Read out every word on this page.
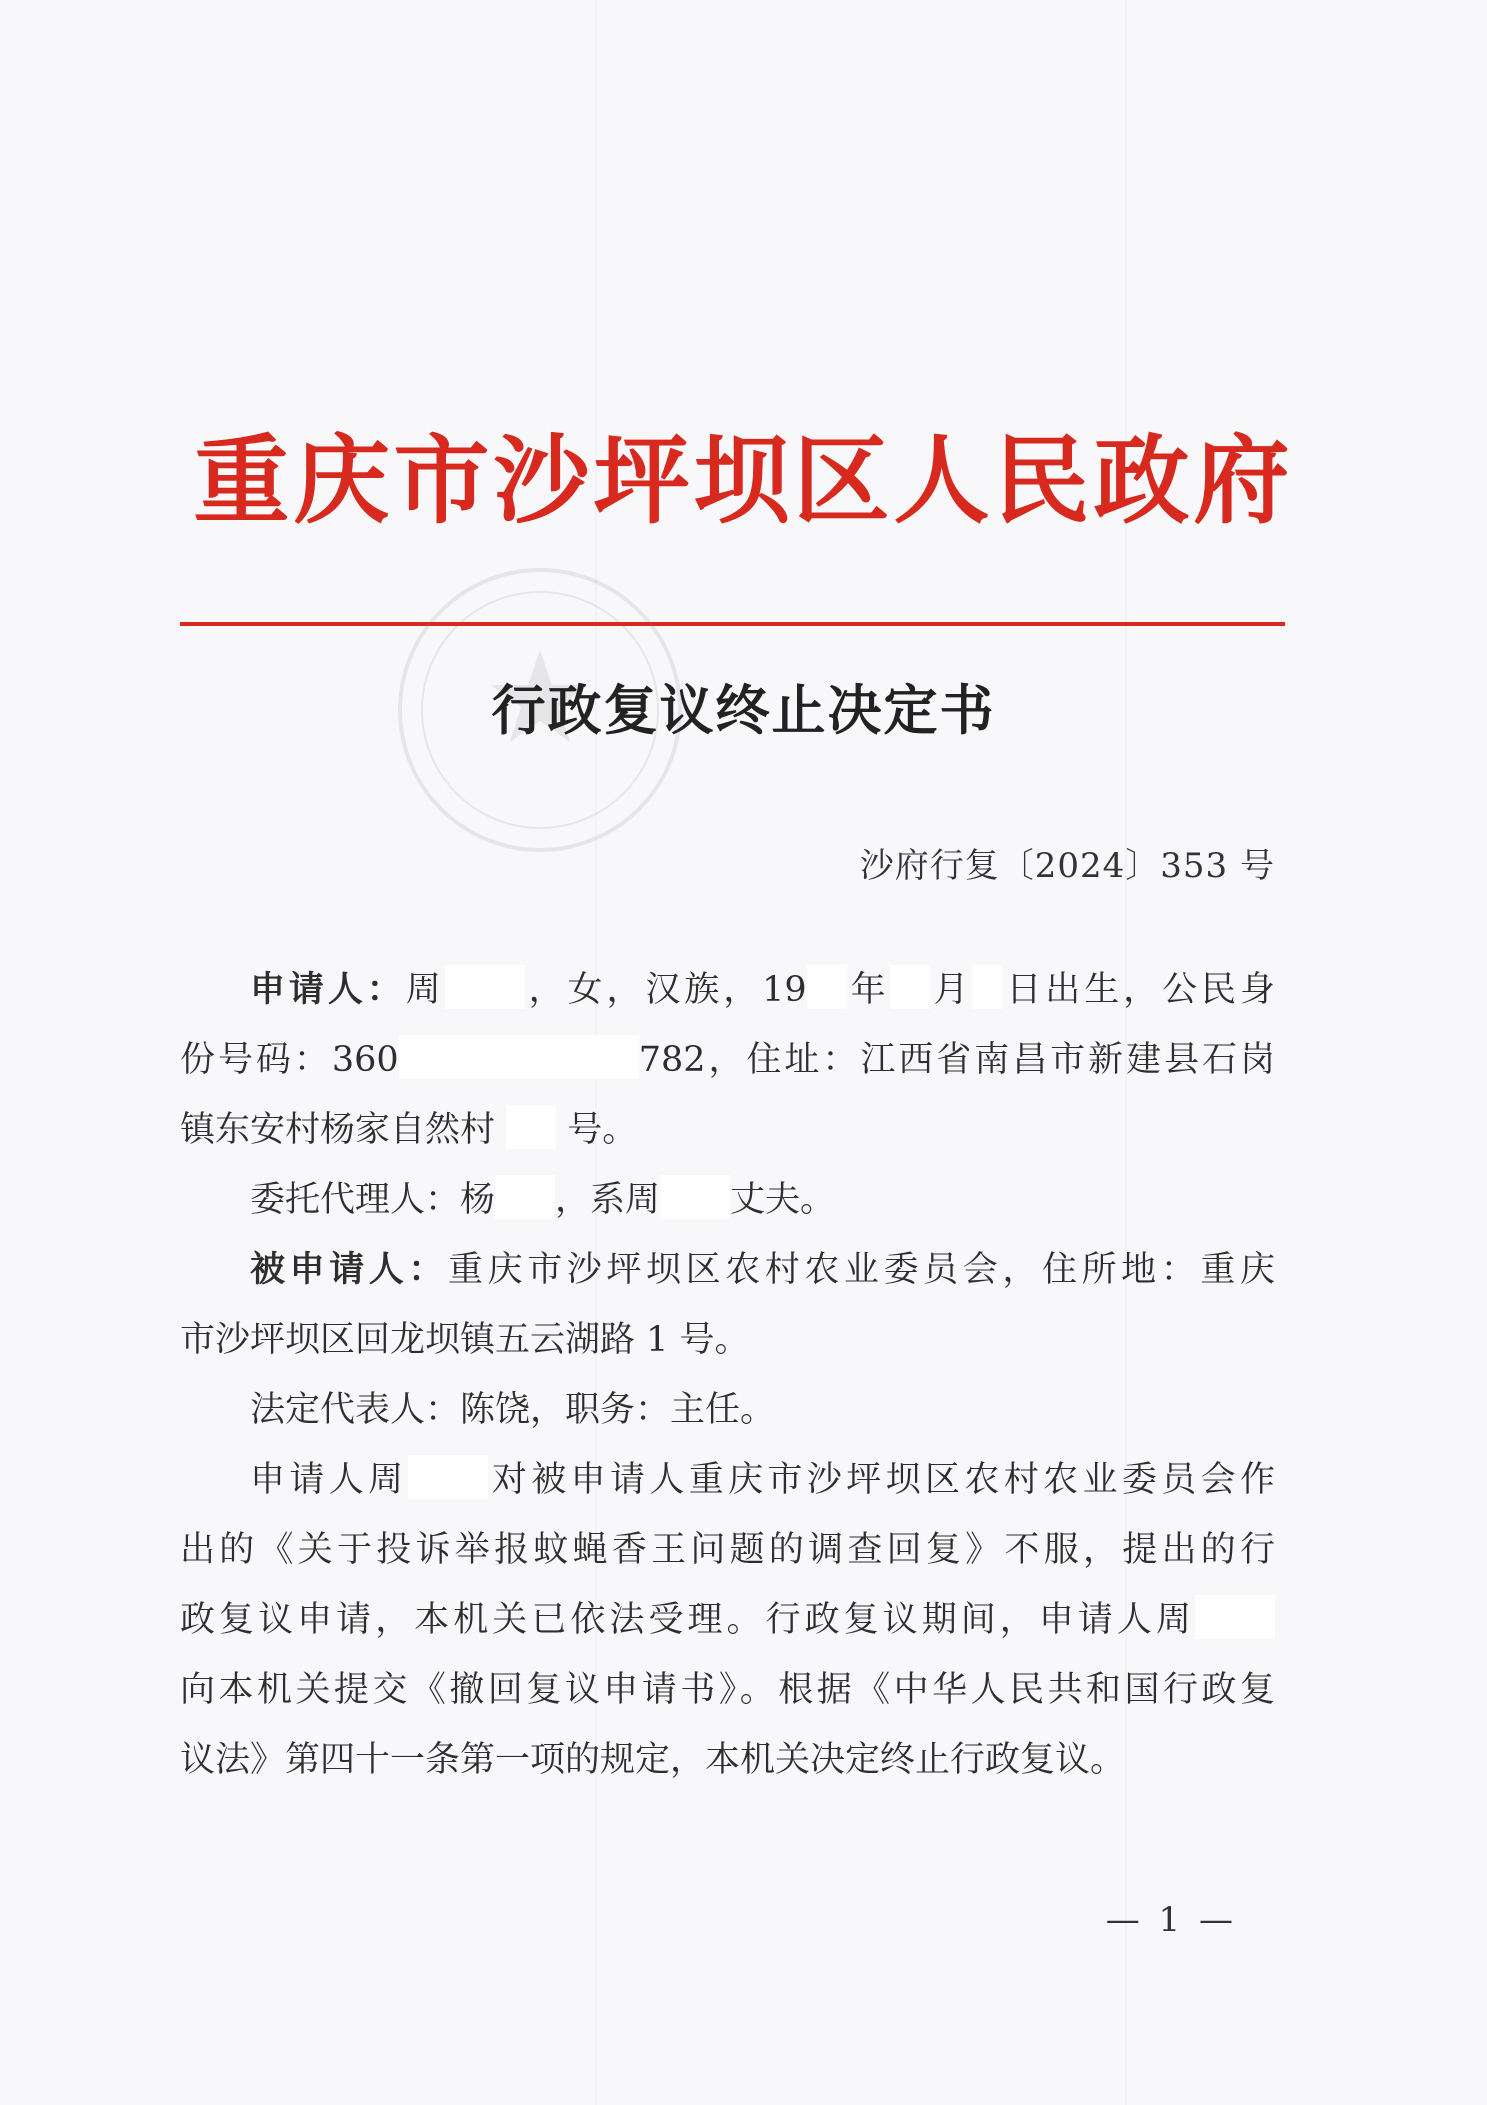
重庆市沙坪坝区人民政府
行政复议终止决定书
沙府行复〔2024〕353 号
申请人：周 ，女，汉族，19 年 月 日出生，公民身
份号码：360	782，住址：江西省南昌市新建县石岗
镇东安村杨家自然村 号。
委托代理人：杨 ，系周 丈夫。
被申请人：重庆市沙坪坝区农村农业委员会，住所地：重庆
市沙坪坝区回龙坝镇五云湖路 1 号。
法定代表人：陈饶，职务：主任。
申请人周 对被申请人重庆市沙坪坝区农村农业委员会作
出的《关于投诉举报蚊蝇香王问题的调查回复》不服，提出的行
政复议申请，本机关已依法受理。行政复议期间，申请人周
向本机关提交《撤回复议申请书》。根据《中华人民共和国行政复
议法》第四十一条第一项的规定，本机关决定终止行政复议。
— 1 —
